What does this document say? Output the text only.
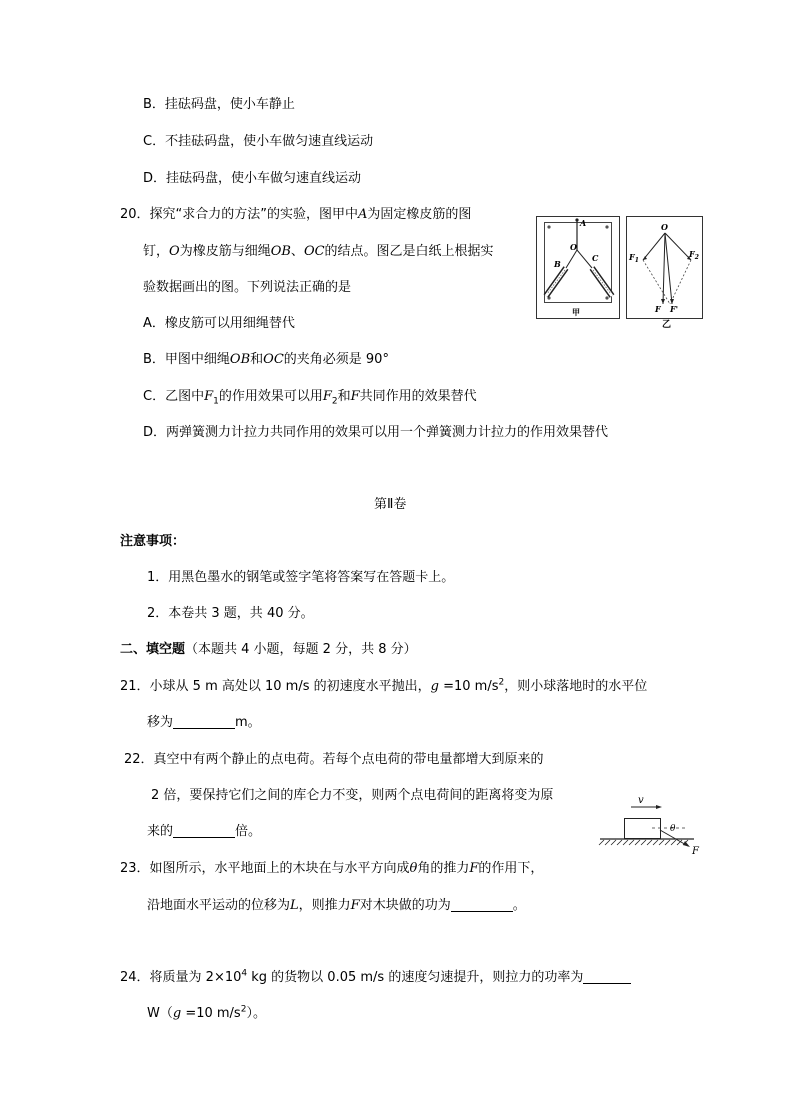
B．挂砝码盘，使小车静止
C．不挂砝码盘，使小车做匀速直线运动
D．挂砝码盘，使小车做匀速直线运动
20．探究“求合力的方法”的实验，图甲中A为固定橡皮筋的图
钉，O为橡皮筋与细绳OB、OC的结点。图乙是白纸上根据实
验数据画出的图。下列说法正确的是
A．橡皮筋可以用细绳替代
B．甲图中细绳OB和OC的夹角必须是 90°
C．乙图中$F_1$的作用效果可以用$F_2$和F共同作用的效果替代
D．两弹簧测力计拉力共同作用的效果可以用一个弹簧测力计拉力的作用效果替代
A
O
B
C
甲
O
$F_1$
$F_2$
F F'
乙
第Ⅱ卷
注意事项：
1．用黑色墨水的钢笔或签字笔将答案写在答题卡上。
2．本卷共 3 题，共 40 分。
二、填空题（本题共 4 小题，每题 2 分，共 8 分）
21．小球从 5 m 高处以 10 m/s 的初速度水平抛出，g =10 $m/s^2$，则小球落地时的水平位
移为	m。
22．真空中有两个静止的点电荷。若每个点电荷的带电量都增大到原来的
2 倍，要保持它们之间的库仑力不变，则两个点电荷间的距离将变为原
来的	倍。
v
θ
F
23．如图所示，水平地面上的木块在与水平方向成θ角的推力F的作用下，
沿地面水平运动的位移为L，则推力F对木块做的功为	。
24．将质量为 $2\times 10^4$ kg 的货物以 0.05 m/s 的速度匀速提升，则拉力的功率为
W（g =10 $m/s^2$）。
